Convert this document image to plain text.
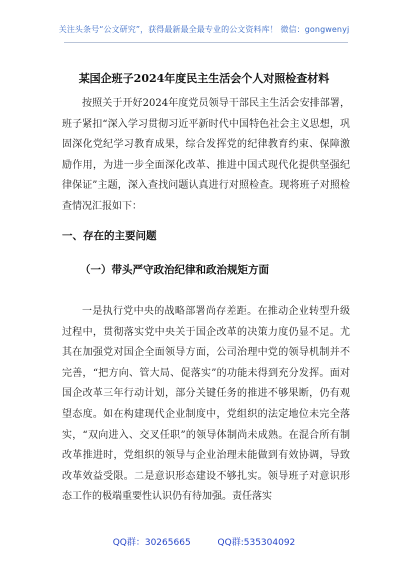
关注头条号“公文研究”，获得最新最全最专业的公文资料库！ 微信：gongwenyj
某国企班子2024年度民主生活会个人对照检查材料
按照关于开好2024年度党员领导干部民主生活会安排部署，班子紧扣“深入学习贯彻习近平新时代中国特色社会主义思想，巩固深化党纪学习教育成果，综合发挥党的纪律教育约束、保障激励作用，为进一步全面深化改革、推进中国式现代化提供坚强纪律保证”主题，深入查找问题认真进行对照检查。现将班子对照检查情况汇报如下：
一、存在的主要问题
（一）带头严守政治纪律和政治规矩方面
一是执行党中央的战略部署尚存差距。在推动企业转型升级过程中，贯彻落实党中央关于国企改革的决策力度仍显不足。尤其在加强党对国企全面领导方面，公司治理中党的领导机制并不完善，“把方向、管大局、促落实”的功能未得到充分发挥。面对国企改革三年行动计划，部分关键任务的推进不够果断，仍有观望态度。如在构建现代企业制度中，党组织的法定地位未完全落实，“双向进入、交叉任职”的领导体制尚未成熟。在混合所有制改革推进时，党组织的领导与企业治理未能做到有效协调，导致改革效益受限。二是意识形态建设不够扎实。领导班子对意识形态工作的极端重要性认识仍有待加强。责任落实
QQ群：30265665	QQ群:535304092
